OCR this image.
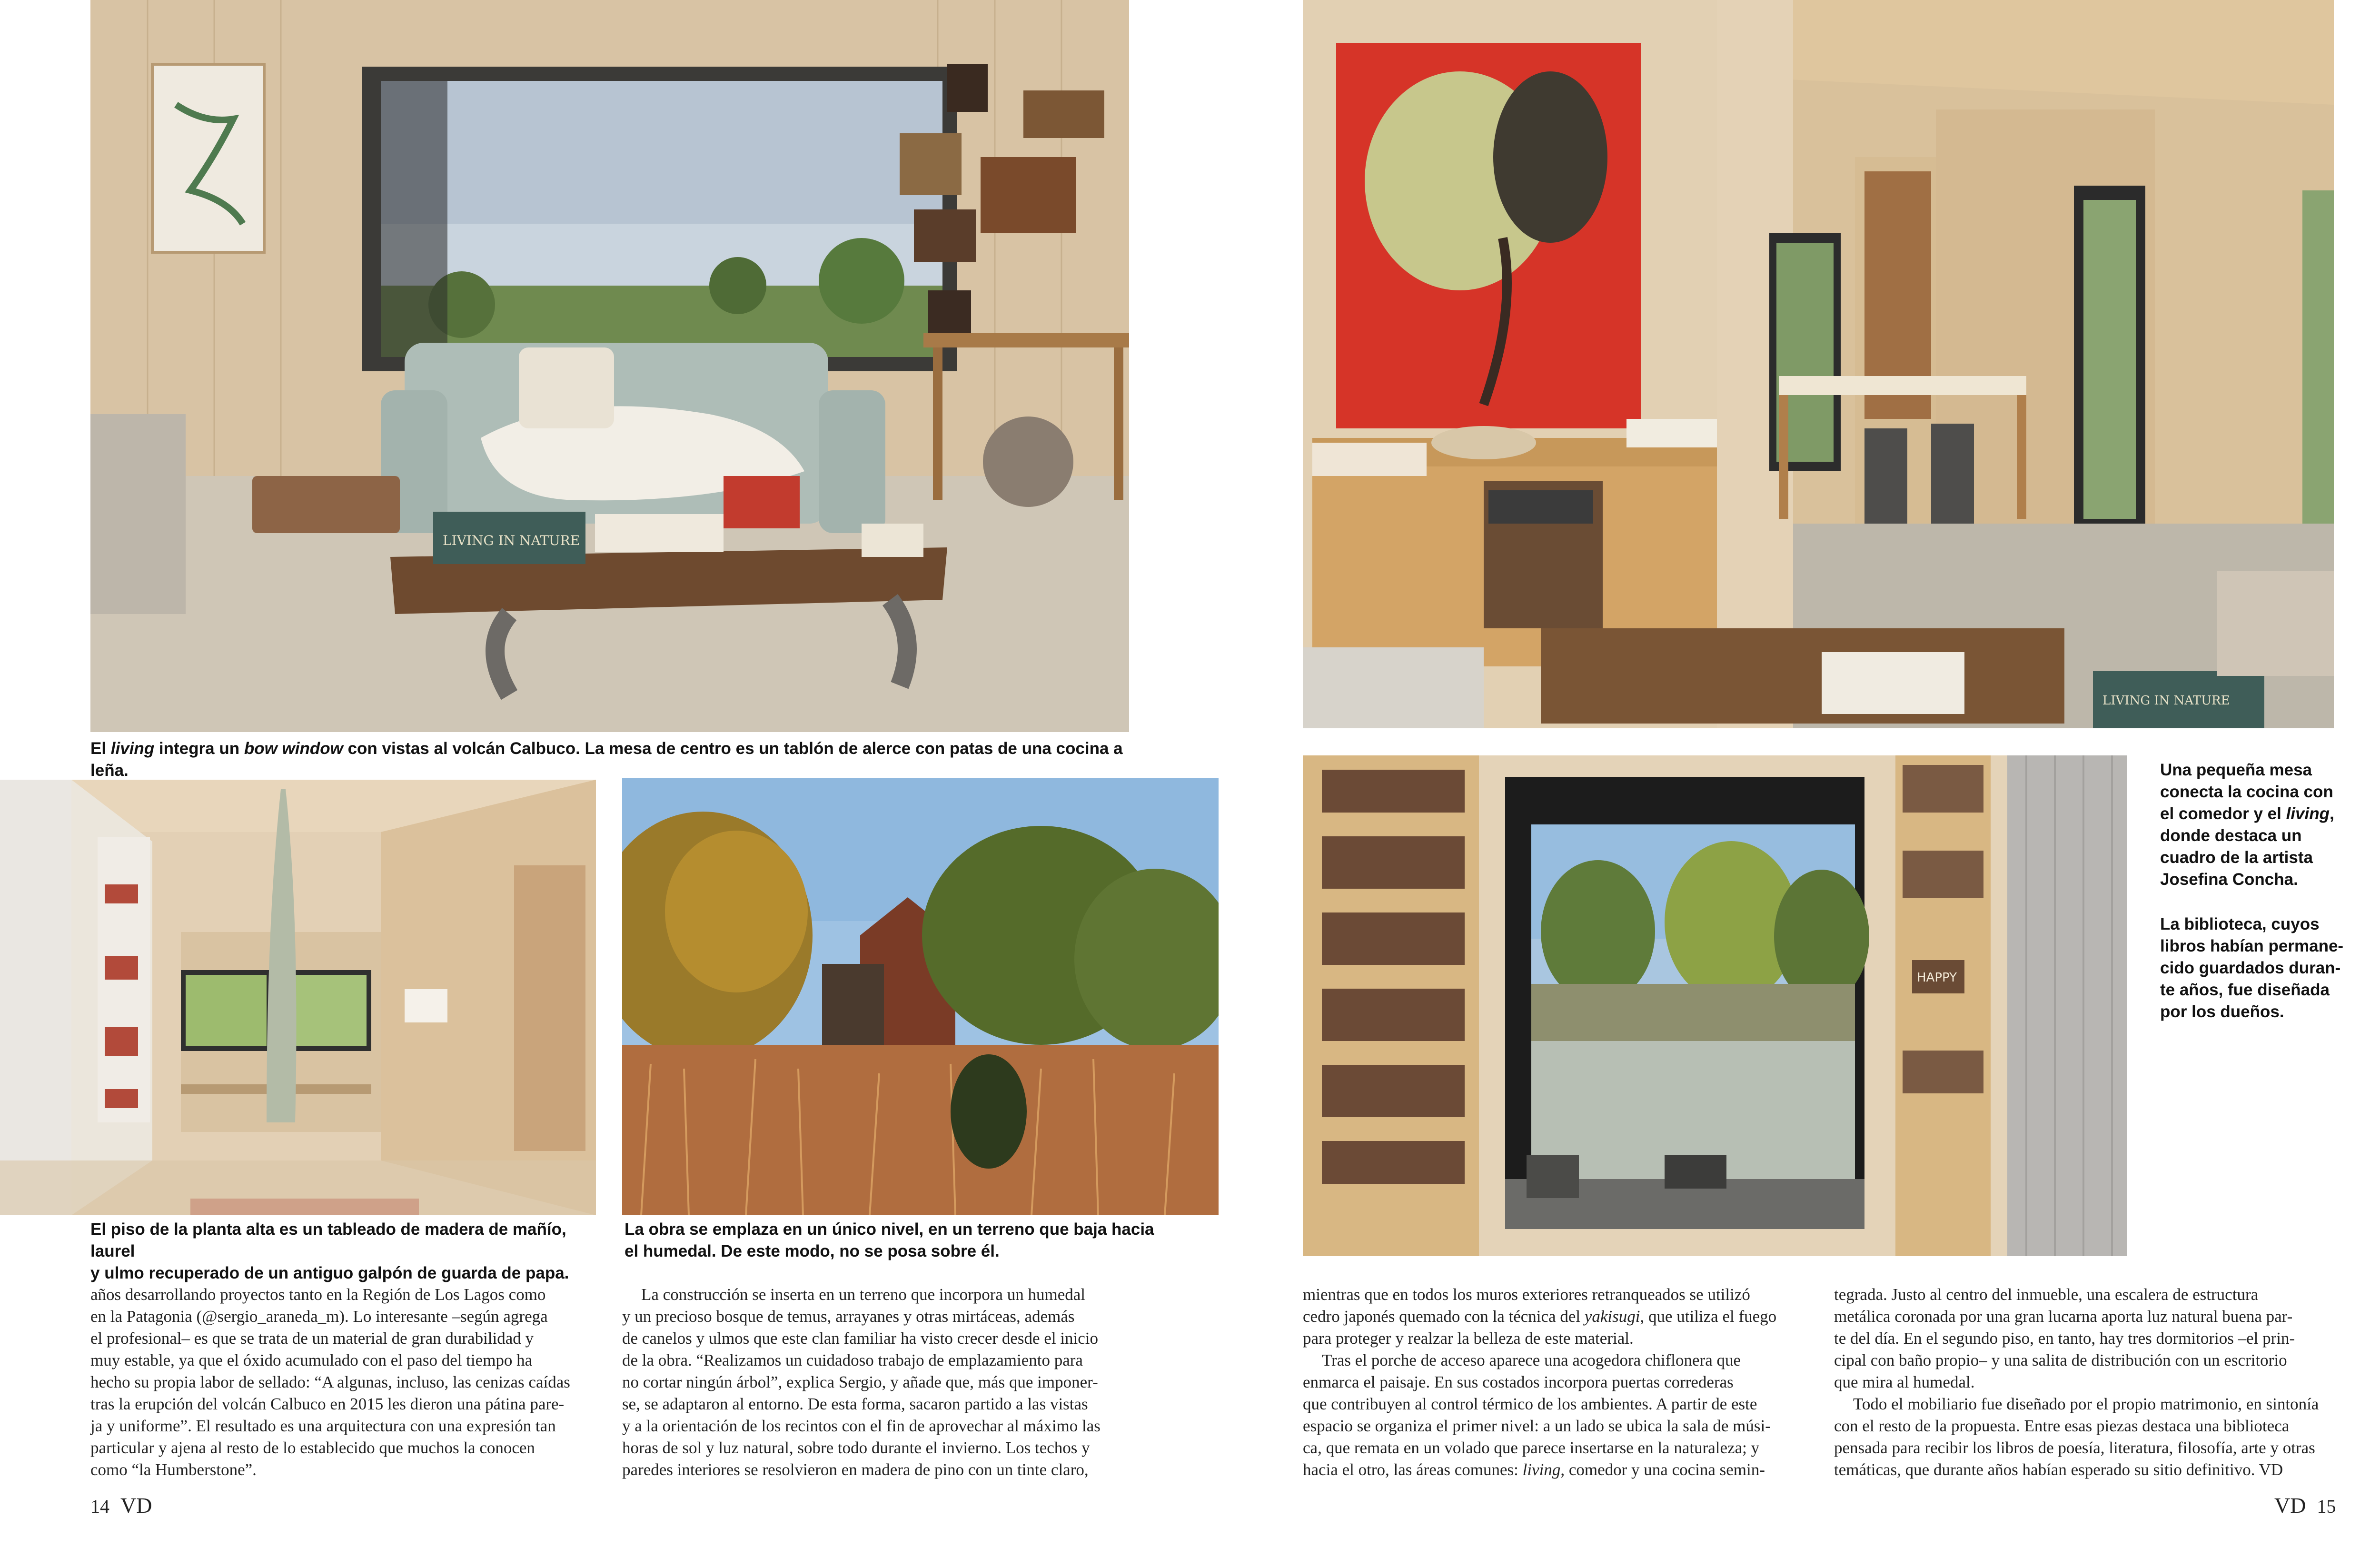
LIVING IN NATURE

El living integra un bow window con vistas al volcán Calbuco. La mesa de centro es un tablón de alerce con patas de una cocina a leña.

El piso de la planta alta es un tableado de madera de mañío, laurel

y ulmo recuperado de un antiguo galpón de guarda de papa.

La obra se emplaza en un único nivel, en un terreno que baja hacia

el humedal. De este modo, no se posa sobre él.

LIVING IN NATURE
HAPPY

Una pequeña mesa

conecta la cocina con

el comedor y el living,

donde destaca un

cuadro de la artista

Josefina Concha.

La biblioteca, cuyos

libros habían permane-

cido guardados duran-

te años, fue diseñada

por los dueños.

años desarrollando proyectos tanto en la Región de Los Lagos como

en la Patagonia (@sergio_araneda_m). Lo interesante –según agrega

el profesional– es que se trata de un material de gran durabilidad y

muy estable, ya que el óxido acumulado con el paso del tiempo ha

hecho su propia labor de sellado: “A algunas, incluso, las cenizas caídas

tras la erupción del volcán Calbuco en 2015 les dieron una pátina pare-

ja y uniforme”. El resultado es una arquitectura con una expresión tan

particular y ajena al resto de lo establecido que muchos la conocen

como “la Humberstone”.

La construcción se inserta en un terreno que incorpora un humedal

y un precioso bosque de temus, arrayanes y otras mirtáceas, además

de canelos y ulmos que este clan familiar ha visto crecer desde el inicio

de la obra. “Realizamos un cuidadoso trabajo de emplazamiento para

no cortar ningún árbol”, explica Sergio, y añade que, más que imponer-

se, se adaptaron al entorno. De esta forma, sacaron partido a las vistas

y a la orientación de los recintos con el fin de aprovechar al máximo las

horas de sol y luz natural, sobre todo durante el invierno. Los techos y

paredes interiores se resolvieron en madera de pino con un tinte claro,

mientras que en todos los muros exteriores retranqueados se utilizó

cedro japonés quemado con la técnica del yakisugi, que utiliza el fuego

para proteger y realzar la belleza de este material.

Tras el porche de acceso aparece una acogedora chiflonera que

enmarca el paisaje. En sus costados incorpora puertas correderas

que contribuyen al control térmico de los ambientes. A partir de este

espacio se organiza el primer nivel: a un lado se ubica la sala de músi-

ca, que remata en un volado que parece insertarse en la naturaleza; y

hacia el otro, las áreas comunes: living, comedor y una cocina semin-

tegrada. Justo al centro del inmueble, una escalera de estructura

metálica coronada por una gran lucarna aporta luz natural buena par-

te del día. En el segundo piso, en tanto, hay tres dormitorios –el prin-

cipal con baño propio– y una salita de distribución con un escritorio

que mira al humedal.

Todo el mobiliario fue diseñado por el propio matrimonio, en sintonía

con el resto de la propuesta. Entre esas piezas destaca una biblioteca

pensada para recibir los libros de poesía, literatura, filosofía, arte y otras

temáticas, que durante años habían esperado su sitio definitivo. VD

14 VD	VD 15
